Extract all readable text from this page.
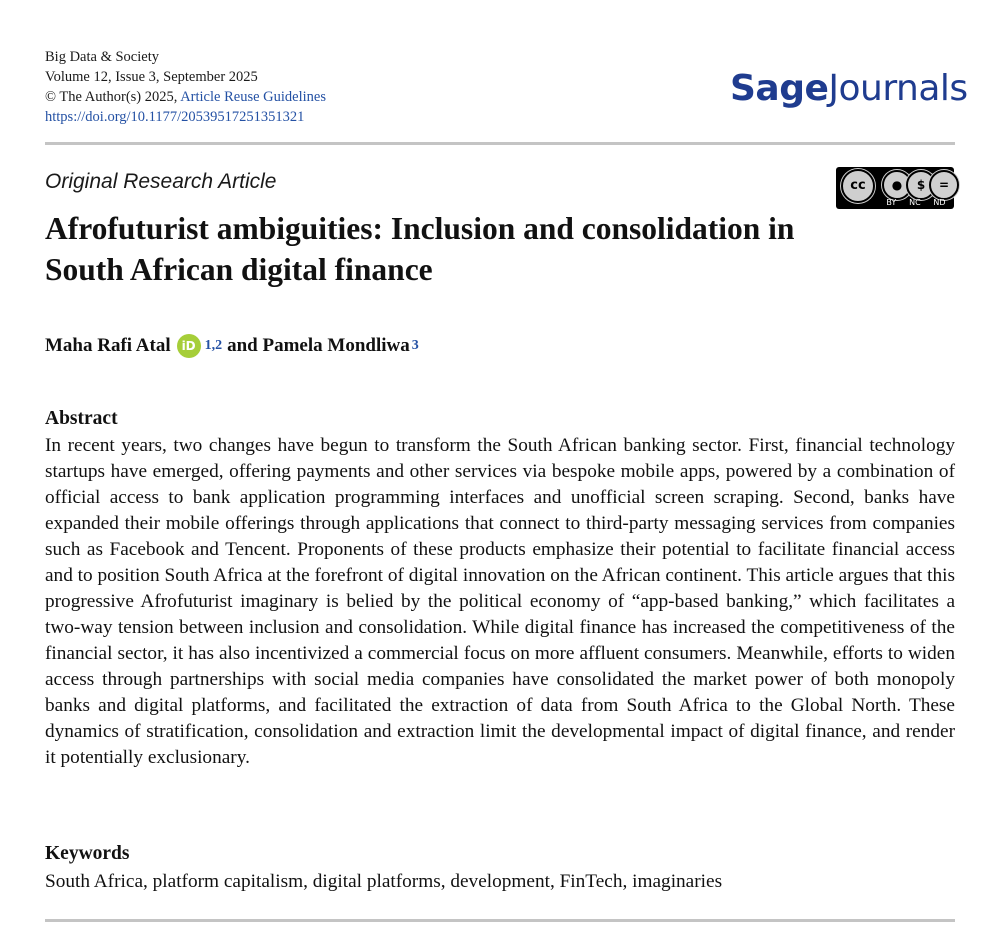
Big Data & Society
Volume 12, Issue 3, September 2025
© The Author(s) 2025, Article Reuse Guidelines
https://doi.org/10.1177/20539517251351321
SageJournals
Original Research Article	cc	●	$	=
BY NC ND
Afrofuturist ambiguities: Inclusion and consolidation in South African digital finance
Maha Rafi Atal iD 1,2 and Pamela Mondliwa 3
Abstract
In recent years, two changes have begun to transform the South African banking sector. First, financial technology startups have emerged, offering payments and other services via bespoke mobile apps, powered by a combination of official access to bank application programming interfaces and unofficial screen scraping. Second, banks have expanded their mobile offerings through applications that connect to third-party messaging services from companies such as Facebook and Tencent. Proponents of these products emphasize their potential to facilitate financial access and to position South Africa at the forefront of digital innovation on the African continent. This article argues that this progressive Afrofuturist imaginary is belied by the political economy of “app-based banking,” which facilitates a two-way tension between inclusion and consolidation. While digital finance has increased the competitiveness of the financial sector, it has also incentivized a commercial focus on more affluent consumers. Meanwhile, efforts to widen access through partnerships with social media companies have consolidated the market power of both monopoly banks and digital platforms, and facilitated the extraction of data from South Africa to the Global North. These dynamics of stratification, consolidation and extraction limit the developmental impact of digital finance, and render it potentially exclusionary.
Keywords
South Africa, platform capitalism, digital platforms, development, FinTech, imaginaries
